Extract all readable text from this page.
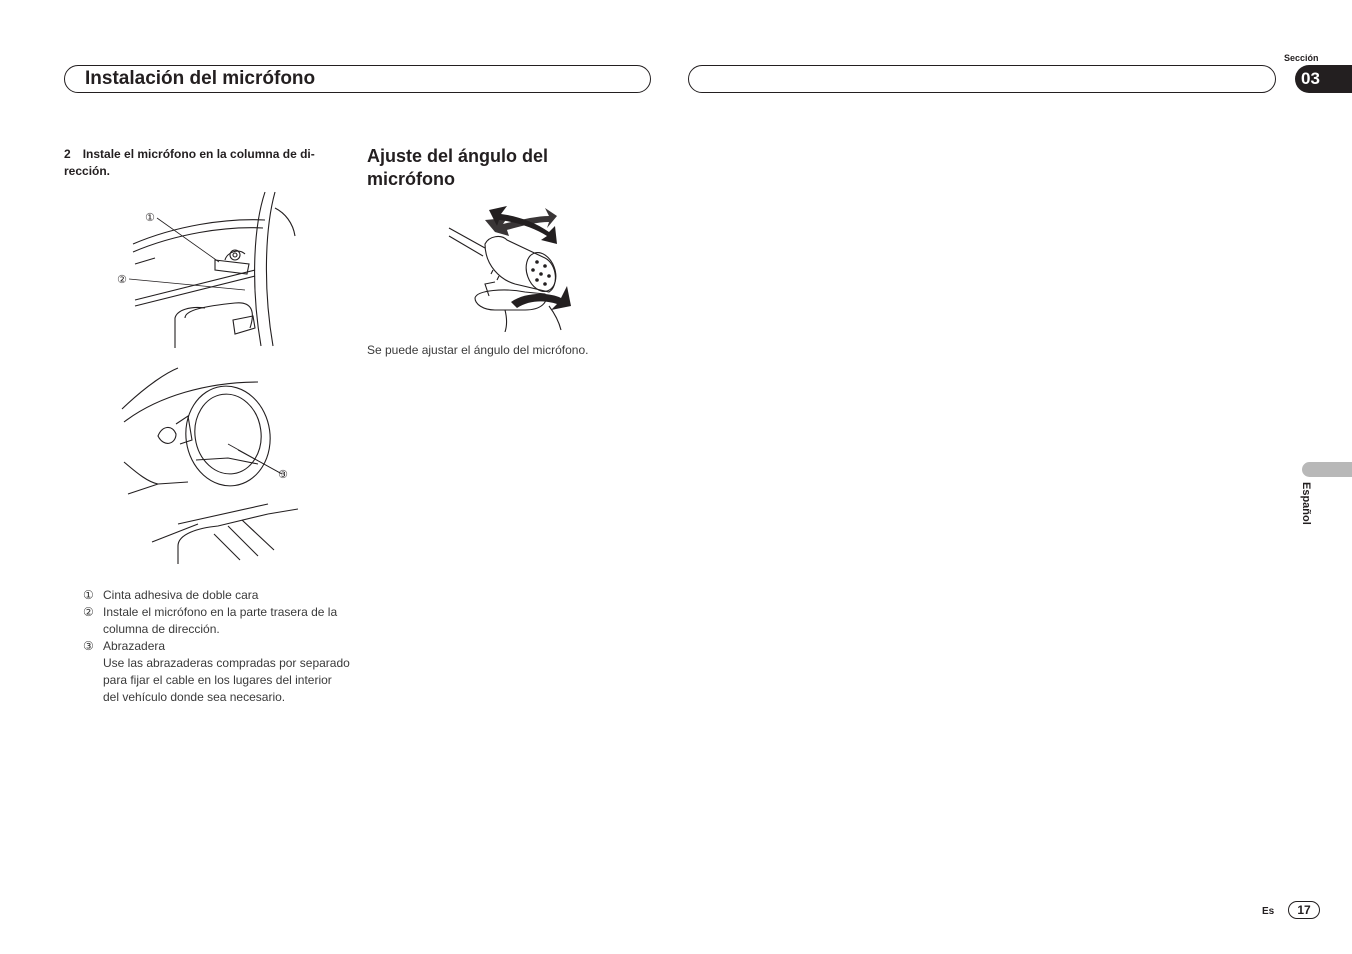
Instalación del micrófono
Sección
03
Español
2 Instale el micrófono en la columna de di-rección.
①
②
③
① Cinta adhesiva de doble cara
② Instale el micrófono en la parte trasera de la
columna de dirección.
③ Abrazadera
Use las abrazaderas compradas por separado
para fijar el cable en los lugares del interior
del vehículo donde sea necesario.
Ajuste del ángulo del micrófono
Se puede ajustar el ángulo del micrófono.
Es	17
